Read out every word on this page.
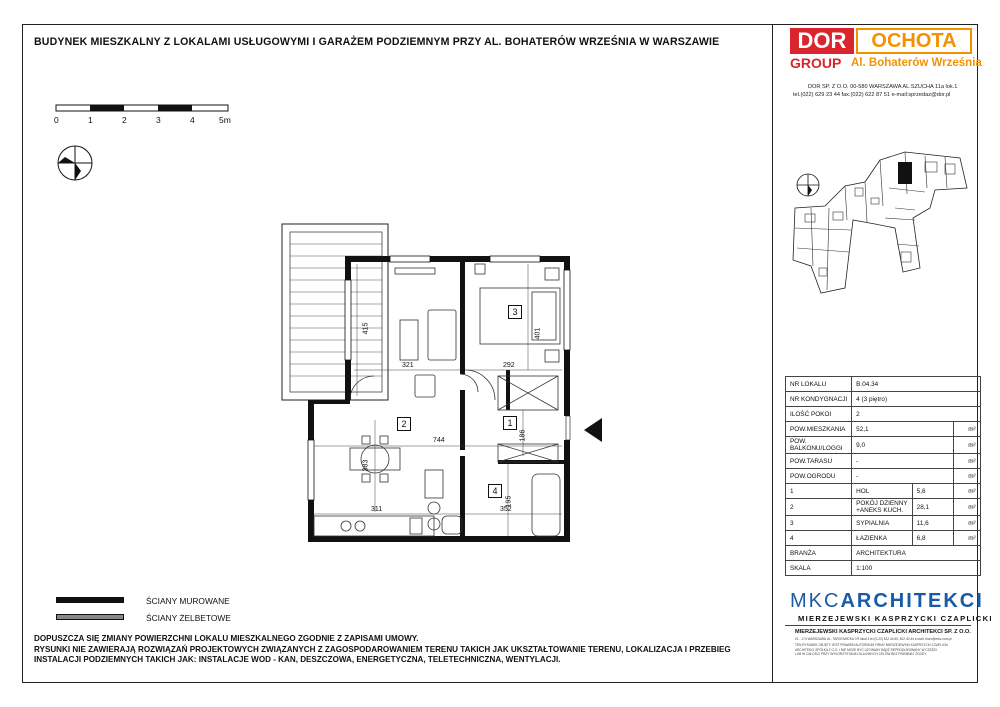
BUDYNEK MIESZKALNY Z LOKALAMI USŁUGOWYMI I GARAŻEM PODZIEMNYM PRZY AL. BOHATERÓW WRZEŚNIA W WARSZAWIE	DOR	OCHOTA
GROUP Al. Bohaterów Września
DOR SP. Z O.O. 00-580 WARSZAWA AL.SZUCHA 11a lok.1
tel.(022) 629 23 44 fax.(022) 622 87 51 e-mail:sprzedaz@dor.pl
0	1	2	3	4	5m
1
2
3
4
415
321	292
401
744	186
383
311	352
195
ŚCIANY MUROWANE
ŚCIANY ŻELBETOWE
DOPUSZCZA SIĘ ZMIANY POWIERZCHNI LOKALU MIESZKALNEGO ZGODNIE Z ZAPISAMI UMOWY.
RYSUNKI NIE ZAWIERAJĄ ROZWIĄZAŃ PROJEKTOWYCH ZWIĄZANYCH Z ZAGOSPODAROWANIEM TERENU TAKICH JAK UKSZTAŁTOWANIE TERENU, LOKALIZACJA I PRZEBIEG
INSTALACJI PODZIEMNYCH TAKICH JAK: INSTALACJE WOD - KAN, DESZCZOWA, ENERGETYCZNA, TELETECHNICZNA, WENTYLACJI.
NR LOKALU	B.04.34		
NR KONDYGNACJI	4 (3 piętro)		
ILOŚĆ POKOI	2		
POW.MIESZKANIA	52,1		m²

POW.
BALKONU/LOGGI	9,0		m²
POW.TARASU	-		m²
POW.OGRODU	-		m²
1	HOL	5,6	m²
2	POKÓJ DZIENNY
+ANEKS KUCH.	28,1	m²
3	SYPIALNIA	11,6	m²
4	ŁAZIENKA	6,8	m²
BRANŻA	ARCHITEKTURA		
SKALA	1:100		
MKCARCHITEKCI
MIERZEJEWSKI KASPRZYCKI CZAPLICKI
MIERZEJEWSKI KASPRZYCKI CZAPLICKI ARCHITEKCI SP. Z O.O.
01 - 174 WARSZAWA UL. TARGOWICKA 7/9 lokal 4 tel (0-22) 812 44 85, 812 40 44 e-mail: biuro@mkc.com.pl
TEN RYSUNEK OBJĘTY JEST PRAWEM AUTORSKIM FIRMY MIERZEJEWSKI KASPRZYCKI CZAPLICKI
ARCHITEKCI SPÓŁKA Z O.O. I NIE MOŻE BYĆ UŻYWANY BĄDŹ REPRODUKOWANY W CZĘŚCI
LUB W CAŁOŚCI PRZY WYKORZYSTANIU DLA INNYCH CELÓW BEZ PISEMNEJ ZGODY.
